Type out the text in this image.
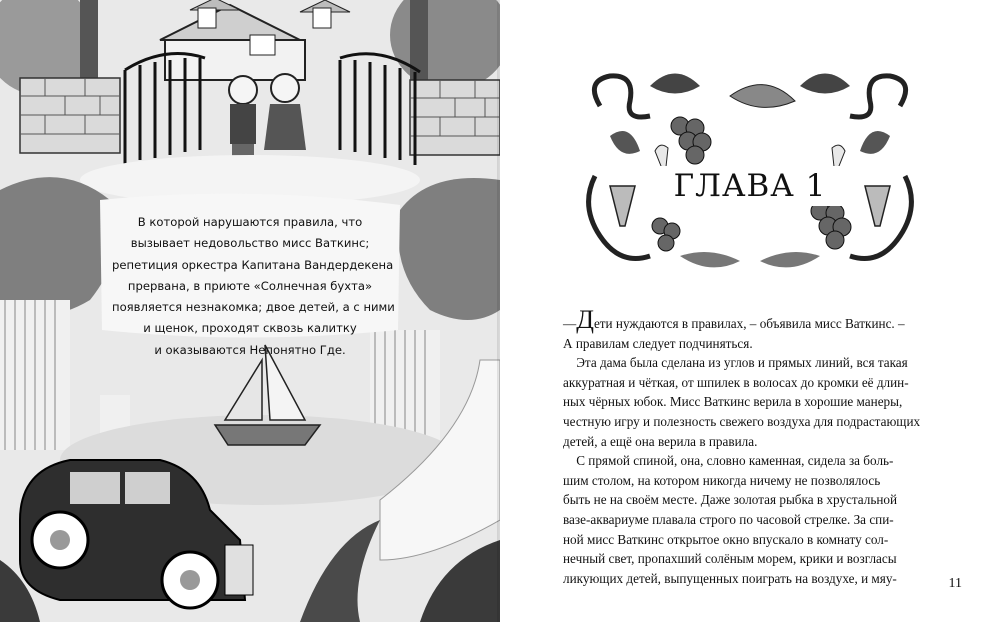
В которой нарушаются правила, что
вызывает недовольство мисс Ваткинс;
репетиция оркестра Капитана Вандердекена
прервана, в приюте «Солнечная бухта»
появляется незнакомка; двое детей, а с ними
и щенок, проходят сквозь калитку
и оказываются Непонятно Где.
ГЛАВА 1
—Дети нуждаются в правилах, – объявила мисс Ваткинс. –
А правилам следует подчиняться.
Эта дама была сделана из углов и прямых линий, вся такая
аккуратная и чёткая, от шпилек в волосах до кромки её длин-
ных чёрных юбок. Мисс Ваткинс верила в хорошие манеры,
честную игру и полезность свежего воздуха для подрастающих
детей, а ещё она верила в правила.
С прямой спиной, она, словно каменная, сидела за боль-
шим столом, на котором никогда ничему не позволялось
быть не на своём месте. Даже золотая рыбка в хрустальной
вазе-аквариуме плавала строго по часовой стрелке. За спи-
ной мисс Ваткинс открытое окно впускало в комнату сол-
нечный свет, пропахший солёным морем, крики и возгласы
ликующих детей, выпущенных поиграть на воздухе, и мяу-	11
